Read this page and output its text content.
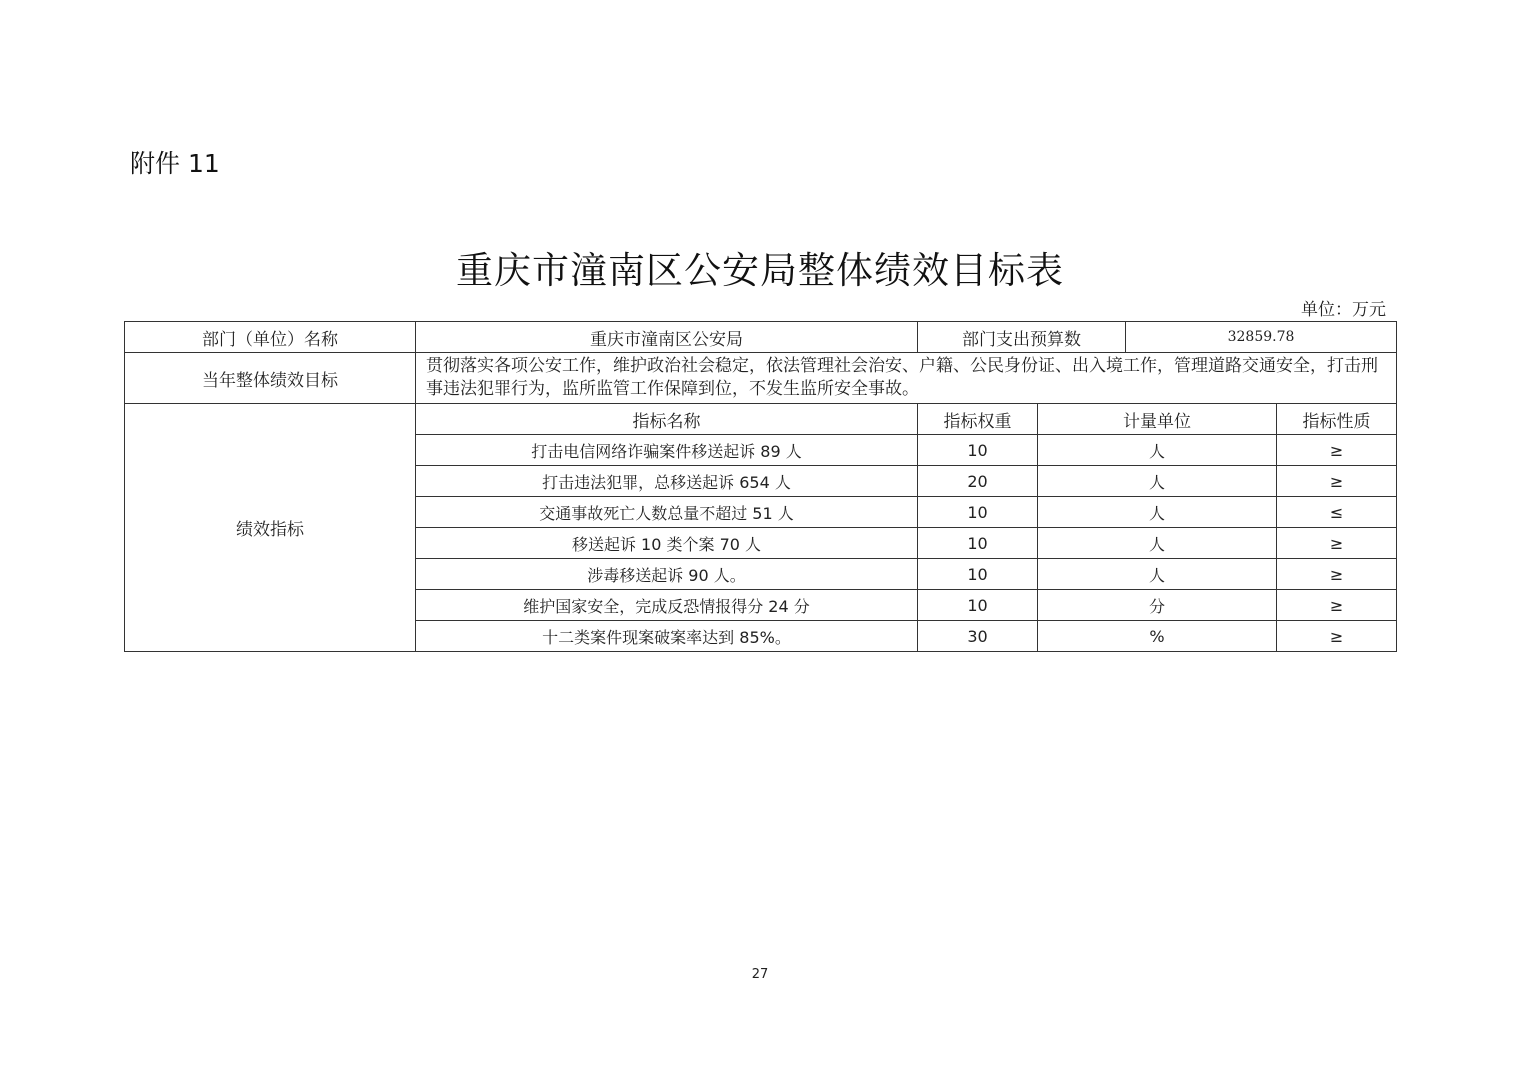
附件 11
重庆市潼南区公安局整体绩效目标表
单位：万元
部门（单位）名称	重庆市潼南区公安局	部门支出预算数		32859.78		
当年整体绩效目标	贯彻落实各项公安工作，维护政治社会稳定，依法管理社会治安、户籍、公民身份证、出入境工作，管理道路交通安全，打击刑事违法犯罪行为，监所监管工作保障到位，不发生监所安全事故。					
绩效指标	指标名称	指标权重	计量单位		指标性质	
	打击电信网络诈骗案件移送起诉 89 人	10	人		≥	
	打击违法犯罪，总移送起诉 654 人	20	人		≥	
	交通事故死亡人数总量不超过 51 人	10	人		≤	
	移送起诉 10 类个案 70 人	10	人		≥	
	涉毒移送起诉 90 人。	10	人		≥	
	维护国家安全，完成反恐情报得分 24 分	10	分		≥	
	十二类案件现案破案率达到 85%。	30	%		≥	
27
